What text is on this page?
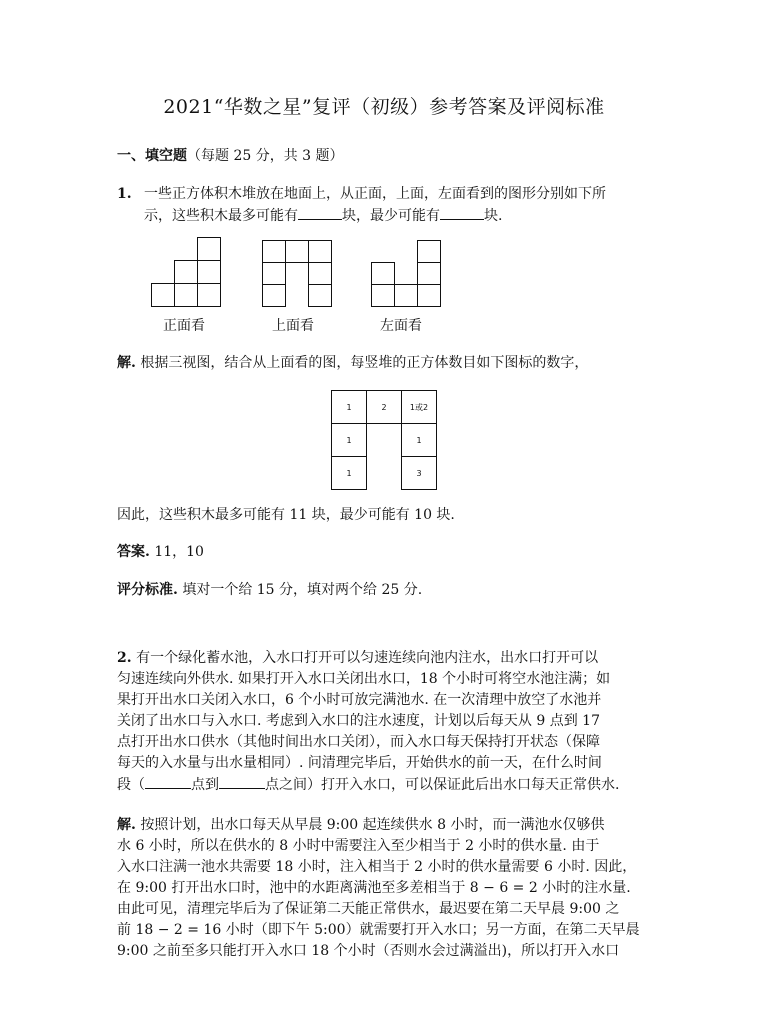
2021“华数之星”复评（初级）参考答案及评阅标准
一、填空题（每题 25 分，共 3 题）
1. 一些正方体积木堆放在地面上，从正面，上面，左面看到的图形分别如下所
示，这些积木最多可能有	块，最少可能有	块.
正面看	上面看	左面看
解. 根据三视图，结合从上面看的图，每竖堆的正方体数目如下图标的数字，
1	2	1或2
1		1
1		3
因此，这些积木最多可能有 11 块，最少可能有 10 块.
答案. 11，10
评分标准. 填对一个给 15 分，填对两个给 25 分.
2. 有一个绿化蓄水池，入水口打开可以匀速连续向池内注水，出水口打开可以
匀速连续向外供水. 如果打开入水口关闭出水口，18 个小时可将空水池注满；如
果打开出水口关闭入水口，6 个小时可放完满池水. 在一次清理中放空了水池并
关闭了出水口与入水口. 考虑到入水口的注水速度，计划以后每天从 9 点到 17
点打开出水口供水（其他时间出水口关闭），而入水口每天保持打开状态（保障
每天的入水量与出水量相同）. 问清理完毕后，开始供水的前一天，在什么时间
段（	点到	点之间）打开入水口，可以保证此后出水口每天正常供水.
解. 按照计划，出水口每天从早晨 9:00 起连续供水 8 小时，而一满池水仅够供
水 6 小时，所以在供水的 8 小时中需要注入至少相当于 2 小时的供水量. 由于
入水口注满一池水共需要 18 小时，注入相当于 2 小时的供水量需要 6 小时. 因此，
在 9:00 打开出水口时，池中的水距离满池至多差相当于 8 − 6 = 2 小时的注水量.
由此可见，清理完毕后为了保证第二天能正常供水，最迟要在第二天早晨 9:00 之
前 18 − 2 = 16 小时（即下午 5:00）就需要打开入水口；另一方面，在第二天早晨
9:00 之前至多只能打开入水口 18 个小时（否则水会过满溢出)，所以打开入水口
